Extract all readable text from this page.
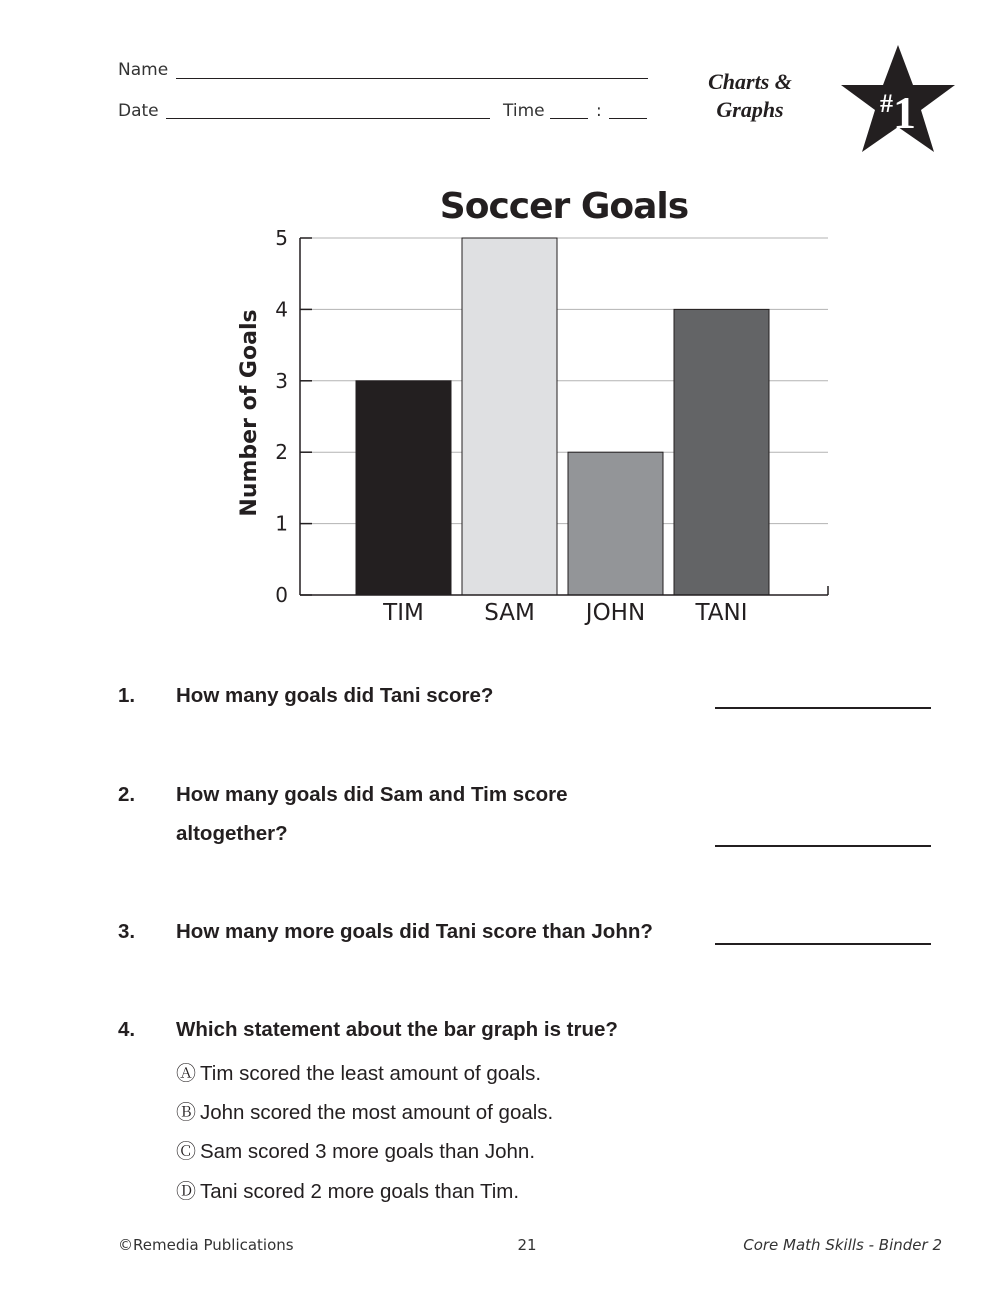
Name
Date	Time	:
Charts &
Graphs	#1
Soccer Goals
0
1
2
3
4
5
TIM	SAM JOHN TANI
Number of Goals
1. How many goals did Tani score?
2. How many goals did Sam and Tim score
altogether?
3. How many more goals did Tani score than John?
4. Which statement about the bar graph is true?
Ⓐ Tim scored the least amount of goals.
Ⓑ John scored the most amount of goals.
Ⓒ Sam scored 3 more goals than John.
Ⓓ Tani scored 2 more goals than Tim.
©Remedia Publications	21	Core Math Skills - Binder 2
